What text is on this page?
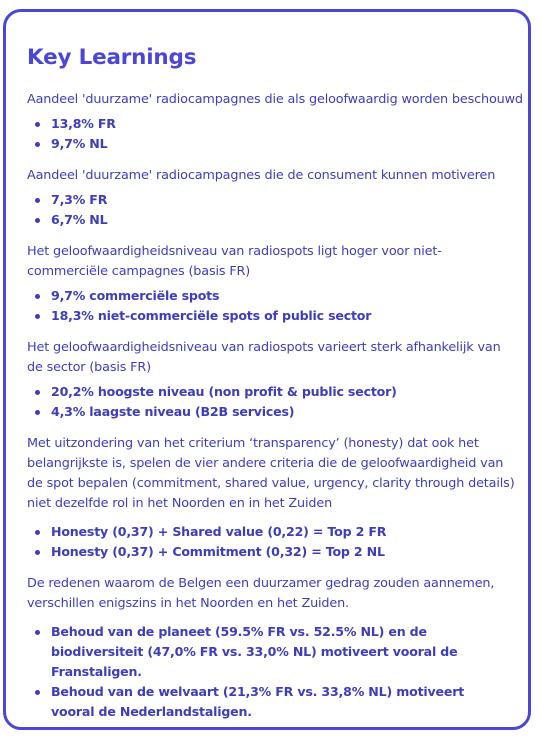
Key Learnings

Aandeel 'duurzame' radiocampagnes die als geloofwaardig worden beschouwd

13,8% FR
9,7% NL

Aandeel 'duurzame' radiocampagnes die de consument kunnen motiveren

7,3% FR
6,7% NL

Het geloofwaardigheidsniveau van radiospots ligt hoger voor niet-commerciële campagnes (basis FR)

9,7% commerciële spots
18,3% niet-commerciële spots of public sector

Het geloofwaardigheidsniveau van radiospots varieert sterk afhankelijk van de sector (basis FR)

20,2% hoogste niveau (non profit & public sector)
4,3% laagste niveau (B2B services)

Met uitzondering van het criterium ‘transparency’ (honesty) dat ook het belangrijkste is, spelen de vier andere criteria die de geloofwaardigheid van de spot bepalen (commitment, shared value, urgency, clarity through details) niet dezelfde rol in het Noorden en in het Zuiden

Honesty (0,37) + Shared value (0,22) = Top 2 FR
Honesty (0,37) + Commitment (0,32) = Top 2 NL

De redenen waarom de Belgen een duurzamer gedrag zouden aannemen, verschillen enigszins in het Noorden en het Zuiden.

Behoud van de planeet (59.5% FR vs. 52.5% NL) en de biodiversiteit (47,0% FR vs. 33,0% NL) motiveert vooral de Franstaligen.
Behoud van de welvaart (21,3% FR vs. 33,8% NL) motiveert vooral de Nederlandstaligen.
